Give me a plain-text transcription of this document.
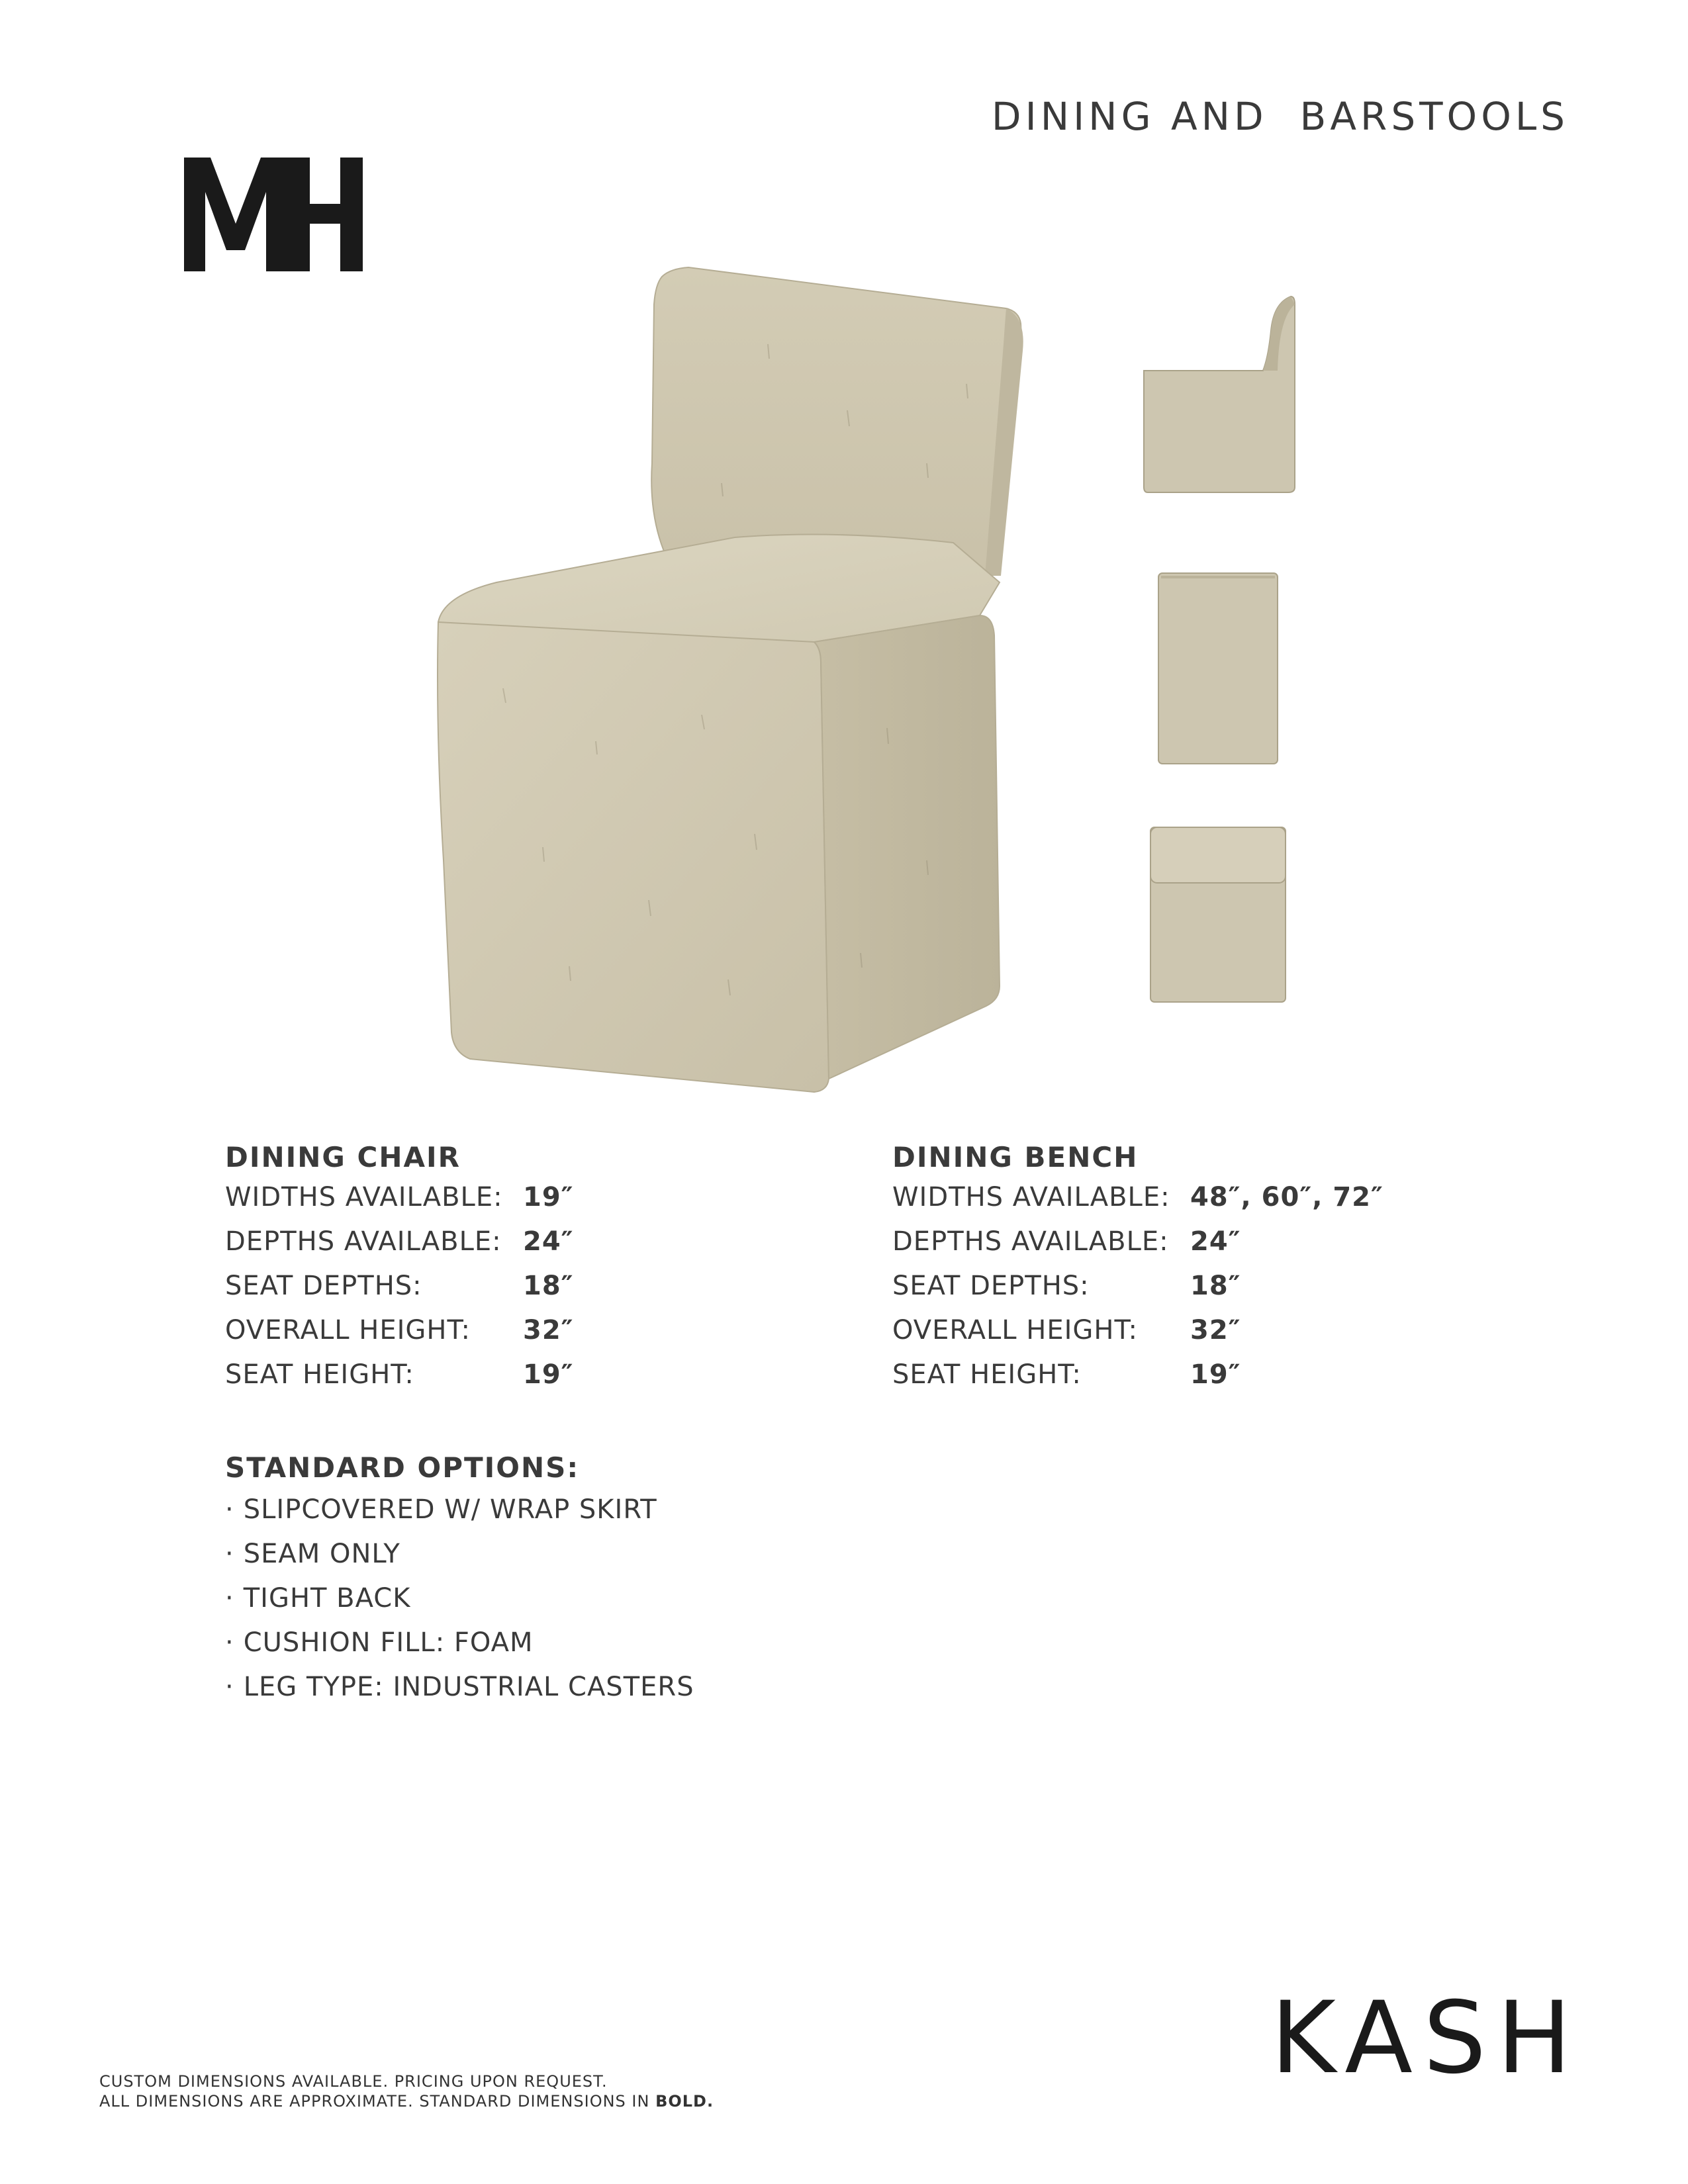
DINING AND  BARSTOOLS
DINING CHAIR
WIDTHS AVAILABLE: 19″
DEPTHS AVAILABLE: 24″
SEAT DEPTHS:	18″
OVERALL HEIGHT:	32″
SEAT HEIGHT:	19″
DINING BENCH
WIDTHS AVAILABLE: 48″, 60″, 72″
DEPTHS AVAILABLE: 24″
SEAT DEPTHS:	18″
OVERALL HEIGHT:	32″
SEAT HEIGHT:	19″
STANDARD OPTIONS:
· SLIPCOVERED W/ WRAP SKIRT
· SEAM ONLY
· TIGHT BACK
· CUSHION FILL: FOAM
· LEG TYPE: INDUSTRIAL CASTERS
KASH
CUSTOM DIMENSIONS AVAILABLE. PRICING UPON REQUEST.
ALL DIMENSIONS ARE APPROXIMATE. STANDARD DIMENSIONS IN BOLD.
